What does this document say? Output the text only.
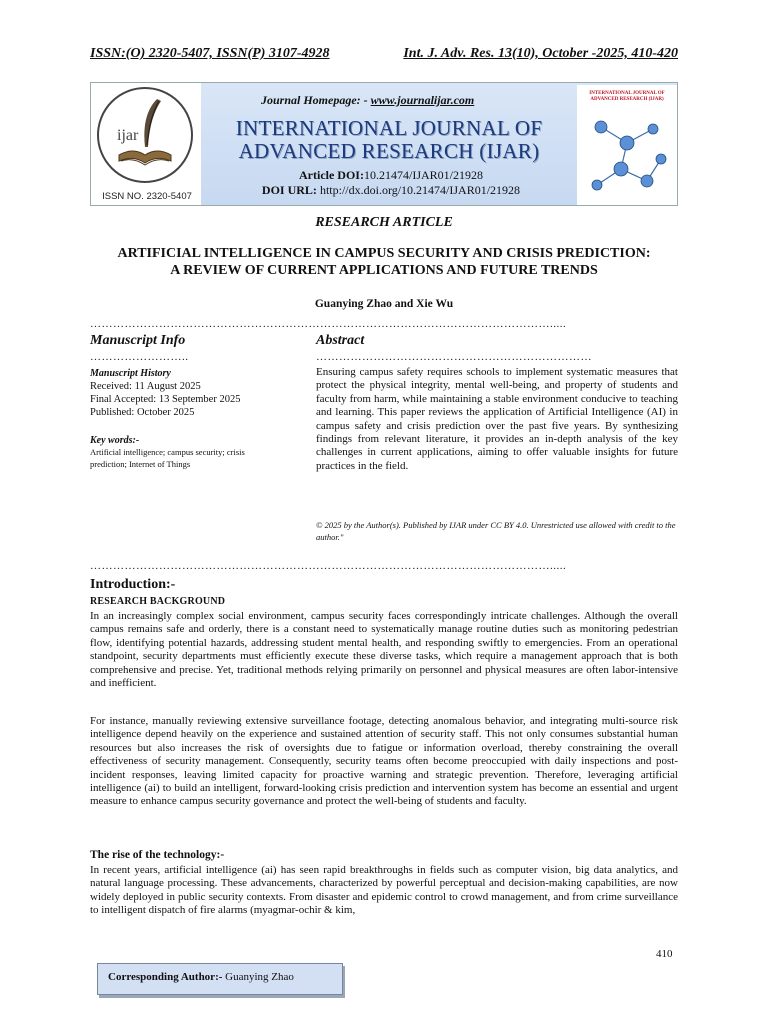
ISSN:(O) 2320-5407, ISSN(P) 3107-4928	Int. J. Adv. Res. 13(10), October -2025, 410-420
ijar
ISSN NO. 2320-5407
Journal Homepage: - www.journalijar.com
INTERNATIONAL JOURNAL OF
ADVANCED RESEARCH (IJAR)
Article DOI:10.21474/IJAR01/21928
DOI URL: http://dx.doi.org/10.21474/IJAR01/21928
INTERNATIONAL JOURNAL OF
ADVANCED RESEARCH (IJAR)
RESEARCH ARTICLE
ARTIFICIAL INTELLIGENCE IN CAMPUS SECURITY AND CRISIS PREDICTION:
A REVIEW OF CURRENT APPLICATIONS AND FUTURE TRENDS
Guanying Zhao and Xie Wu
………………………………………………………………………………………………………….....
Manuscript Info
……………………..
Manuscript History
Received: 11 August 2025
Final Accepted: 13 September 2025
Published: October 2025
Key words:-
Artificial intelligence; campus security; crisis prediction; Internet of Things
Abstract
………………………………………………………………
Ensuring campus safety requires schools to implement systematic measures that protect the physical integrity, mental well-being, and property of students and faculty from harm, while maintaining a stable environment conducive to teaching and learning. This paper reviews the application of Artificial Intelligence (AI) in campus safety and crisis prediction over the past five years. By synthesizing findings from relevant literature, it provides an in-depth analysis of the key challenges in current applications, aiming to offer valuable insights for future practices in the field.
© 2025 by the Author(s). Published by IJAR under CC BY 4.0. Unrestricted use allowed with credit to the author."
………………………………………………………………………………………………………….....
Introduction:-
RESEARCH BACKGROUND
In an increasingly complex social environment, campus security faces correspondingly intricate challenges. Although the overall campus remains safe and orderly, there is a constant need to systematically manage routine duties such as monitoring pedestrian flow, identifying potential hazards, addressing student mental health, and responding swiftly to emergencies. From an operational standpoint, security departments must efficiently execute these diverse tasks, which require a management approach that is both comprehensive and precise. Yet, traditional methods relying primarily on personnel and physical measures are often labor-intensive and inefficient.
For instance, manually reviewing extensive surveillance footage, detecting anomalous behavior, and integrating multi-source risk intelligence depend heavily on the experience and sustained attention of security staff. This not only consumes substantial human resources but also increases the risk of oversights due to fatigue or information overload, thereby constraining the overall effectiveness of security management. Consequently, security teams often become preoccupied with daily inspections and post-incident responses, leaving limited capacity for proactive warning and strategic prevention. Therefore, leveraging artificial intelligence (ai) to build an intelligent, forward-looking crisis prediction and intervention system has become an essential and urgent measure to enhance campus security governance and protect the well-being of students and faculty.
The rise of the technology:-
In recent years, artificial intelligence (ai) has seen rapid breakthroughs in fields such as computer vision, big data analytics, and natural language processing. These advancements, characterized by powerful perceptual and decision-making capabilities, are now widely deployed in public security contexts. From disaster and epidemic control to crowd management, and from crime surveillance to intelligent dispatch of fire alarms (myagmar-ochir & kim,
410
Corresponding Author:- Guanying Zhao
